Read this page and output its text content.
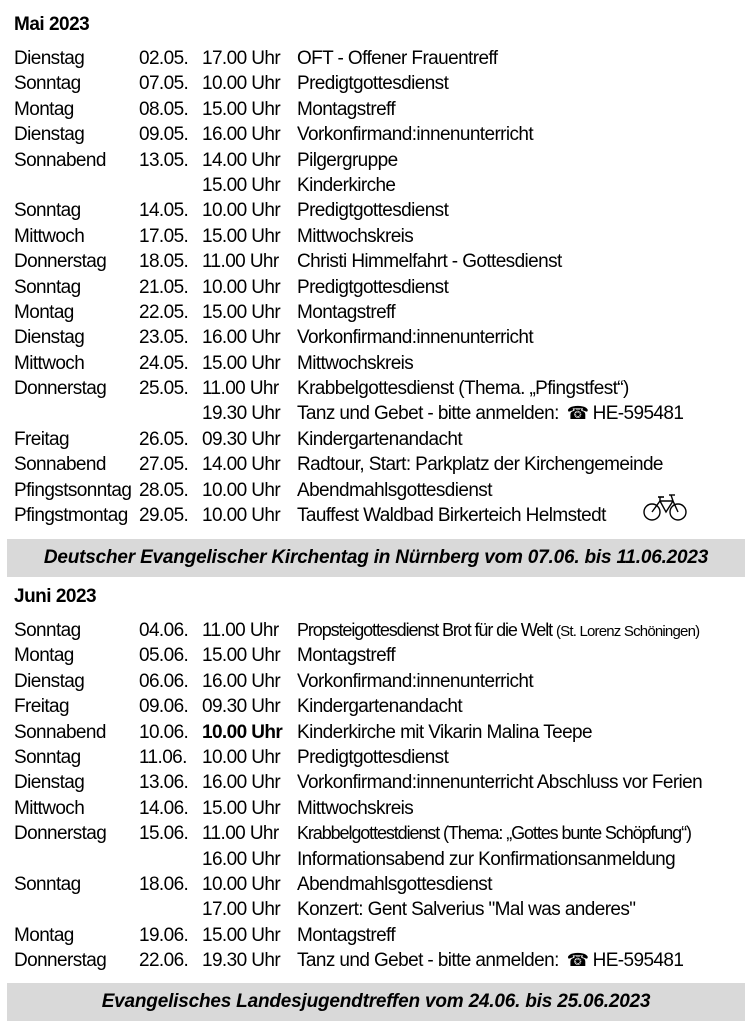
Mai 2023
Dienstag	02.05. 17.00 Uhr OFT - Offener Frauentreff
Sonntag	07.05. 10.00 Uhr Predigtgottesdienst
Montag	08.05. 15.00 Uhr Montagstreff
Dienstag	09.05. 16.00 Uhr Vorkonfirmand:innenunterricht
Sonnabend 13.05. 14.00 Uhr Pilgergruppe
15.00 Uhr Kinderkirche
Sonntag	14.05. 10.00 Uhr Predigtgottesdienst
Mittwoch	17.05. 15.00 Uhr Mittwochskreis
Donnerstag 18.05. 11.00 Uhr Christi Himmelfahrt - Gottesdienst
Sonntag	21.05. 10.00 Uhr Predigtgottesdienst
Montag	22.05. 15.00 Uhr Montagstreff
Dienstag	23.05. 16.00 Uhr Vorkonfirmand:innenunterricht
Mittwoch	24.05. 15.00 Uhr Mittwochskreis
Donnerstag 25.05. 11.00 Uhr Krabbelgottesdienst (Thema. „Pfingstfest“)
19.30 Uhr Tanz und Gebet - bitte anmelden: ☎ HE-595481
Freitag	26.05. 09.30 Uhr Kindergartenandacht
Sonnabend 27.05. 14.00 Uhr Radtour, Start: Parkplatz der Kirchengemeinde
Pfingstsonntag 28.05. 10.00 Uhr Abendmahlsgottesdienst
Pfingstmontag 29.05. 10.00 Uhr Tauffest Waldbad Birkerteich Helmstedt
Deutscher Evangelischer Kirchentag in Nürnberg vom 07.06. bis 11.06.2023
Juni 2023
Sonntag	04.06. 11.00 Uhr Propsteigottesdienst Brot für die Welt (St. Lorenz Schöningen)
Montag	05.06. 15.00 Uhr Montagstreff
Dienstag	06.06. 16.00 Uhr Vorkonfirmand:innenunterricht
Freitag	09.06. 09.30 Uhr Kindergartenandacht
Sonnabend 10.06. 10.00 Uhr Kinderkirche mit Vikarin Malina Teepe
Sonntag	11.06. 10.00 Uhr Predigtgottesdienst
Dienstag	13.06. 16.00 Uhr Vorkonfirmand:innenunterricht Abschluss vor Ferien
Mittwoch	14.06. 15.00 Uhr Mittwochskreis
Donnerstag 15.06. 11.00 Uhr Krabbelgottestdienst (Thema: „Gottes bunte Schöpfung“)
16.00 Uhr Informationsabend zur Konfirmationsanmeldung
Sonntag	18.06. 10.00 Uhr Abendmahlsgottesdienst
17.00 Uhr Konzert: Gent Salverius "Mal was anderes"
Montag	19.06. 15.00 Uhr Montagstreff
Donnerstag 22.06. 19.30 Uhr Tanz und Gebet - bitte anmelden: ☎ HE-595481
Evangelisches Landesjugendtreffen vom 24.06. bis 25.06.2023
